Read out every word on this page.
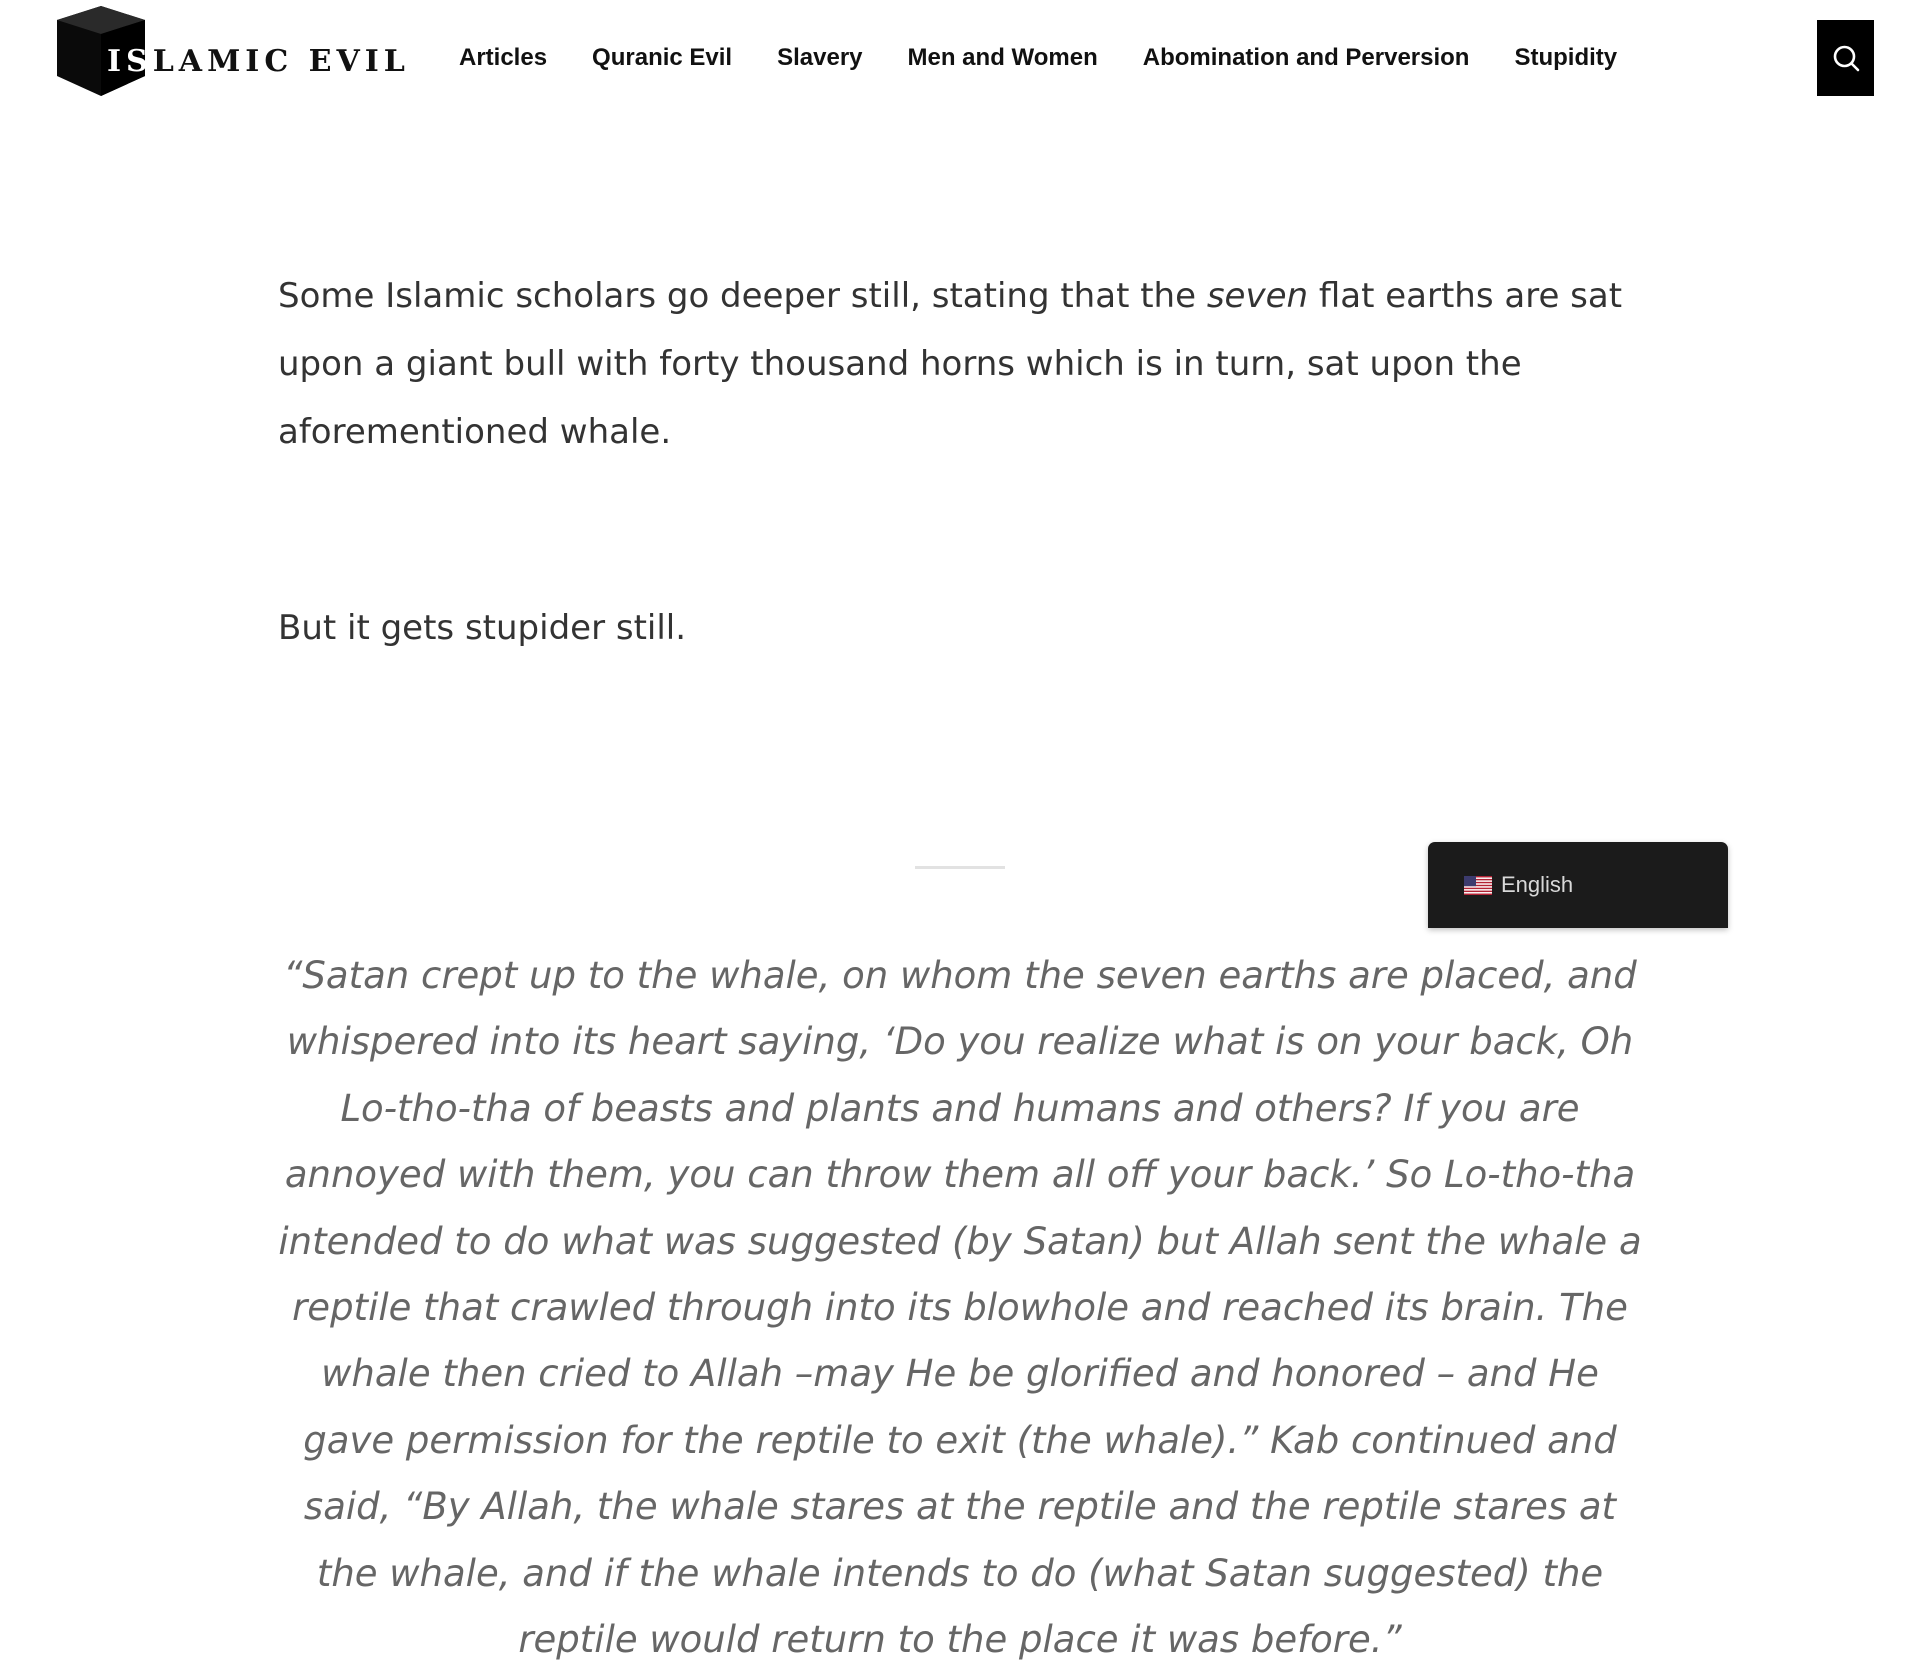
ISLAMIC EVIL Articles Quranic Evil Slavery Men and Women Abomination and Perversion Stupidity

Some Islamic scholars go deeper still, stating that the seven flat earths are sat upon a giant bull with forty thousand horns which is in turn, sat upon the aforementioned whale.

But it gets stupider still.

“Satan crept up to the whale, on whom the seven earths are placed, and whispered into its heart saying, ‘Do you realize what is on your back, Oh Lo-tho-tha of beasts and plants and humans and others? If you are annoyed with them, you can throw them all off your back.’ So Lo-tho-tha intended to do what was suggested (by Satan) but Allah sent the whale a reptile that crawled through into its blowhole and reached its brain. The whale then cried to Allah –may He be glorified and honored – and He gave permission for the reptile to exit (the whale).” Kab continued and said, “By Allah, the whale stares at the reptile and the reptile stares at the whale, and if the whale intends to do (what Satan suggested) the reptile would return to the place it was before.”
English
